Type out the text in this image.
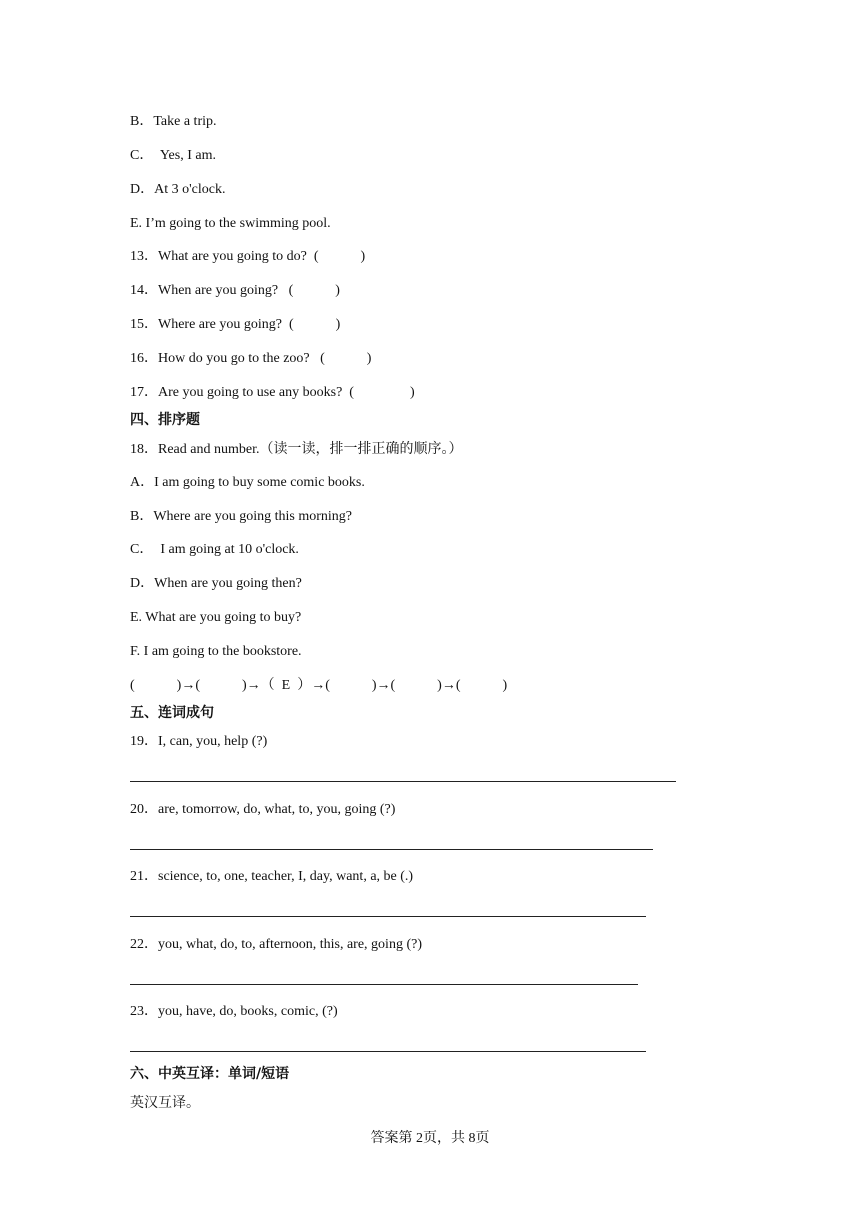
B．Take a trip.
C．  Yes, I am.
D．At 3 o'clock.
E. I’m going to the swimming pool.
13．What are you going to do?  (            )
14．When are you going?   (            )
15．Where are you going?  (            )
16．How do you go to the zoo?   (            )
17．Are you going to use any books?  (                )
四、排序题
18．Read and number.（读一读，排一排正确的顺序。）
A．I am going to buy some comic books.
B．Where are you going this morning?
C．  I am going at 10 o'clock.
D．When are you going then?
E. What are you going to buy?
F. I am going to the bookstore.
(            )→(            )→（  E  ）→(            )→(            )→(            )
五、连词成句
19．I, can, you, help (?)
20．are, tomorrow, do, what, to, you, going (?)
21．science, to, one, teacher, I, day, want, a, be (.)
22．you, what, do, to, afternoon, this, are, going (?)
23．you, have, do, books, comic, (?)
六、中英互译：单词/短语
英汉互译。
答案第 2页，共 8页
